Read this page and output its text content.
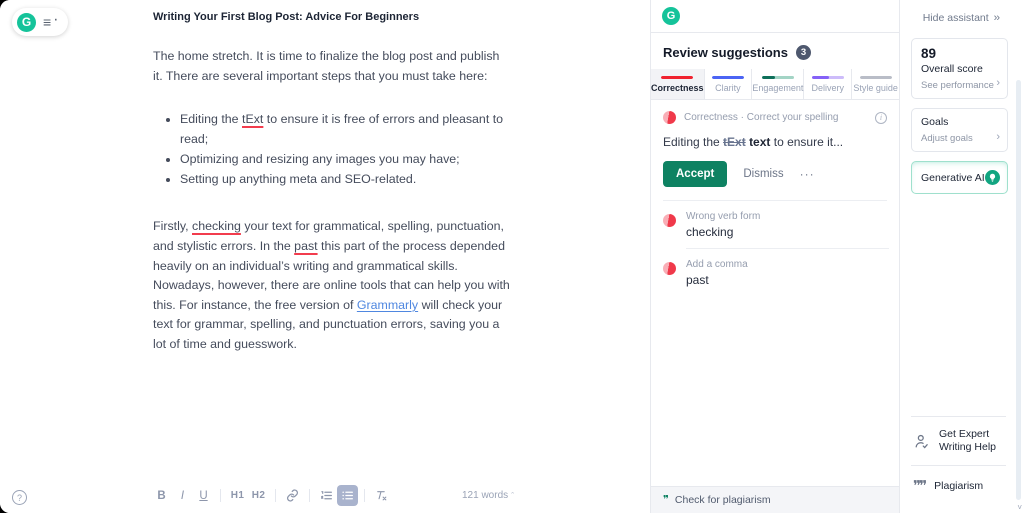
G ≡ ·	Writing Your First Blog Post: Advice For Beginners

The home stretch. It is time to finalize the blog post and publish it. There are several important steps that you must take here:

• Editing the tExt to ensure it is free of errors and pleasant to read;
• Optimizing and resizing any images you may have;
• Setting up anything meta and SEO-related.

Firstly, checking your text for grammatical, spelling, punctuation, and stylistic errors. In the past this part of the process depended heavily on an individual’s writing and grammatical skills. Nowadays, however, there are online tools that can help you with this. For instance, the free version of Grammarly will check your text for grammar, spelling, and punctuation errors, saving you a lot of time and guesswork.

B	I	U	H1 H2	121 words ˆ
?
G
Review suggestions	3
Correctness Clarity Engagement Delivery Style guide
Correctness · Correct your spelling	i
Editing the tExt text to ensure it...
Accept	Dismiss ···
Wrong verb form
checking
Add a comma
past
❞ Check for plagiarism
Hide assistant ››
89
Overall score
See performance ›
Goals
Adjust goals	›
Generative AI
Get Expert Writing Help
❞❞ Plagiarism
˅
